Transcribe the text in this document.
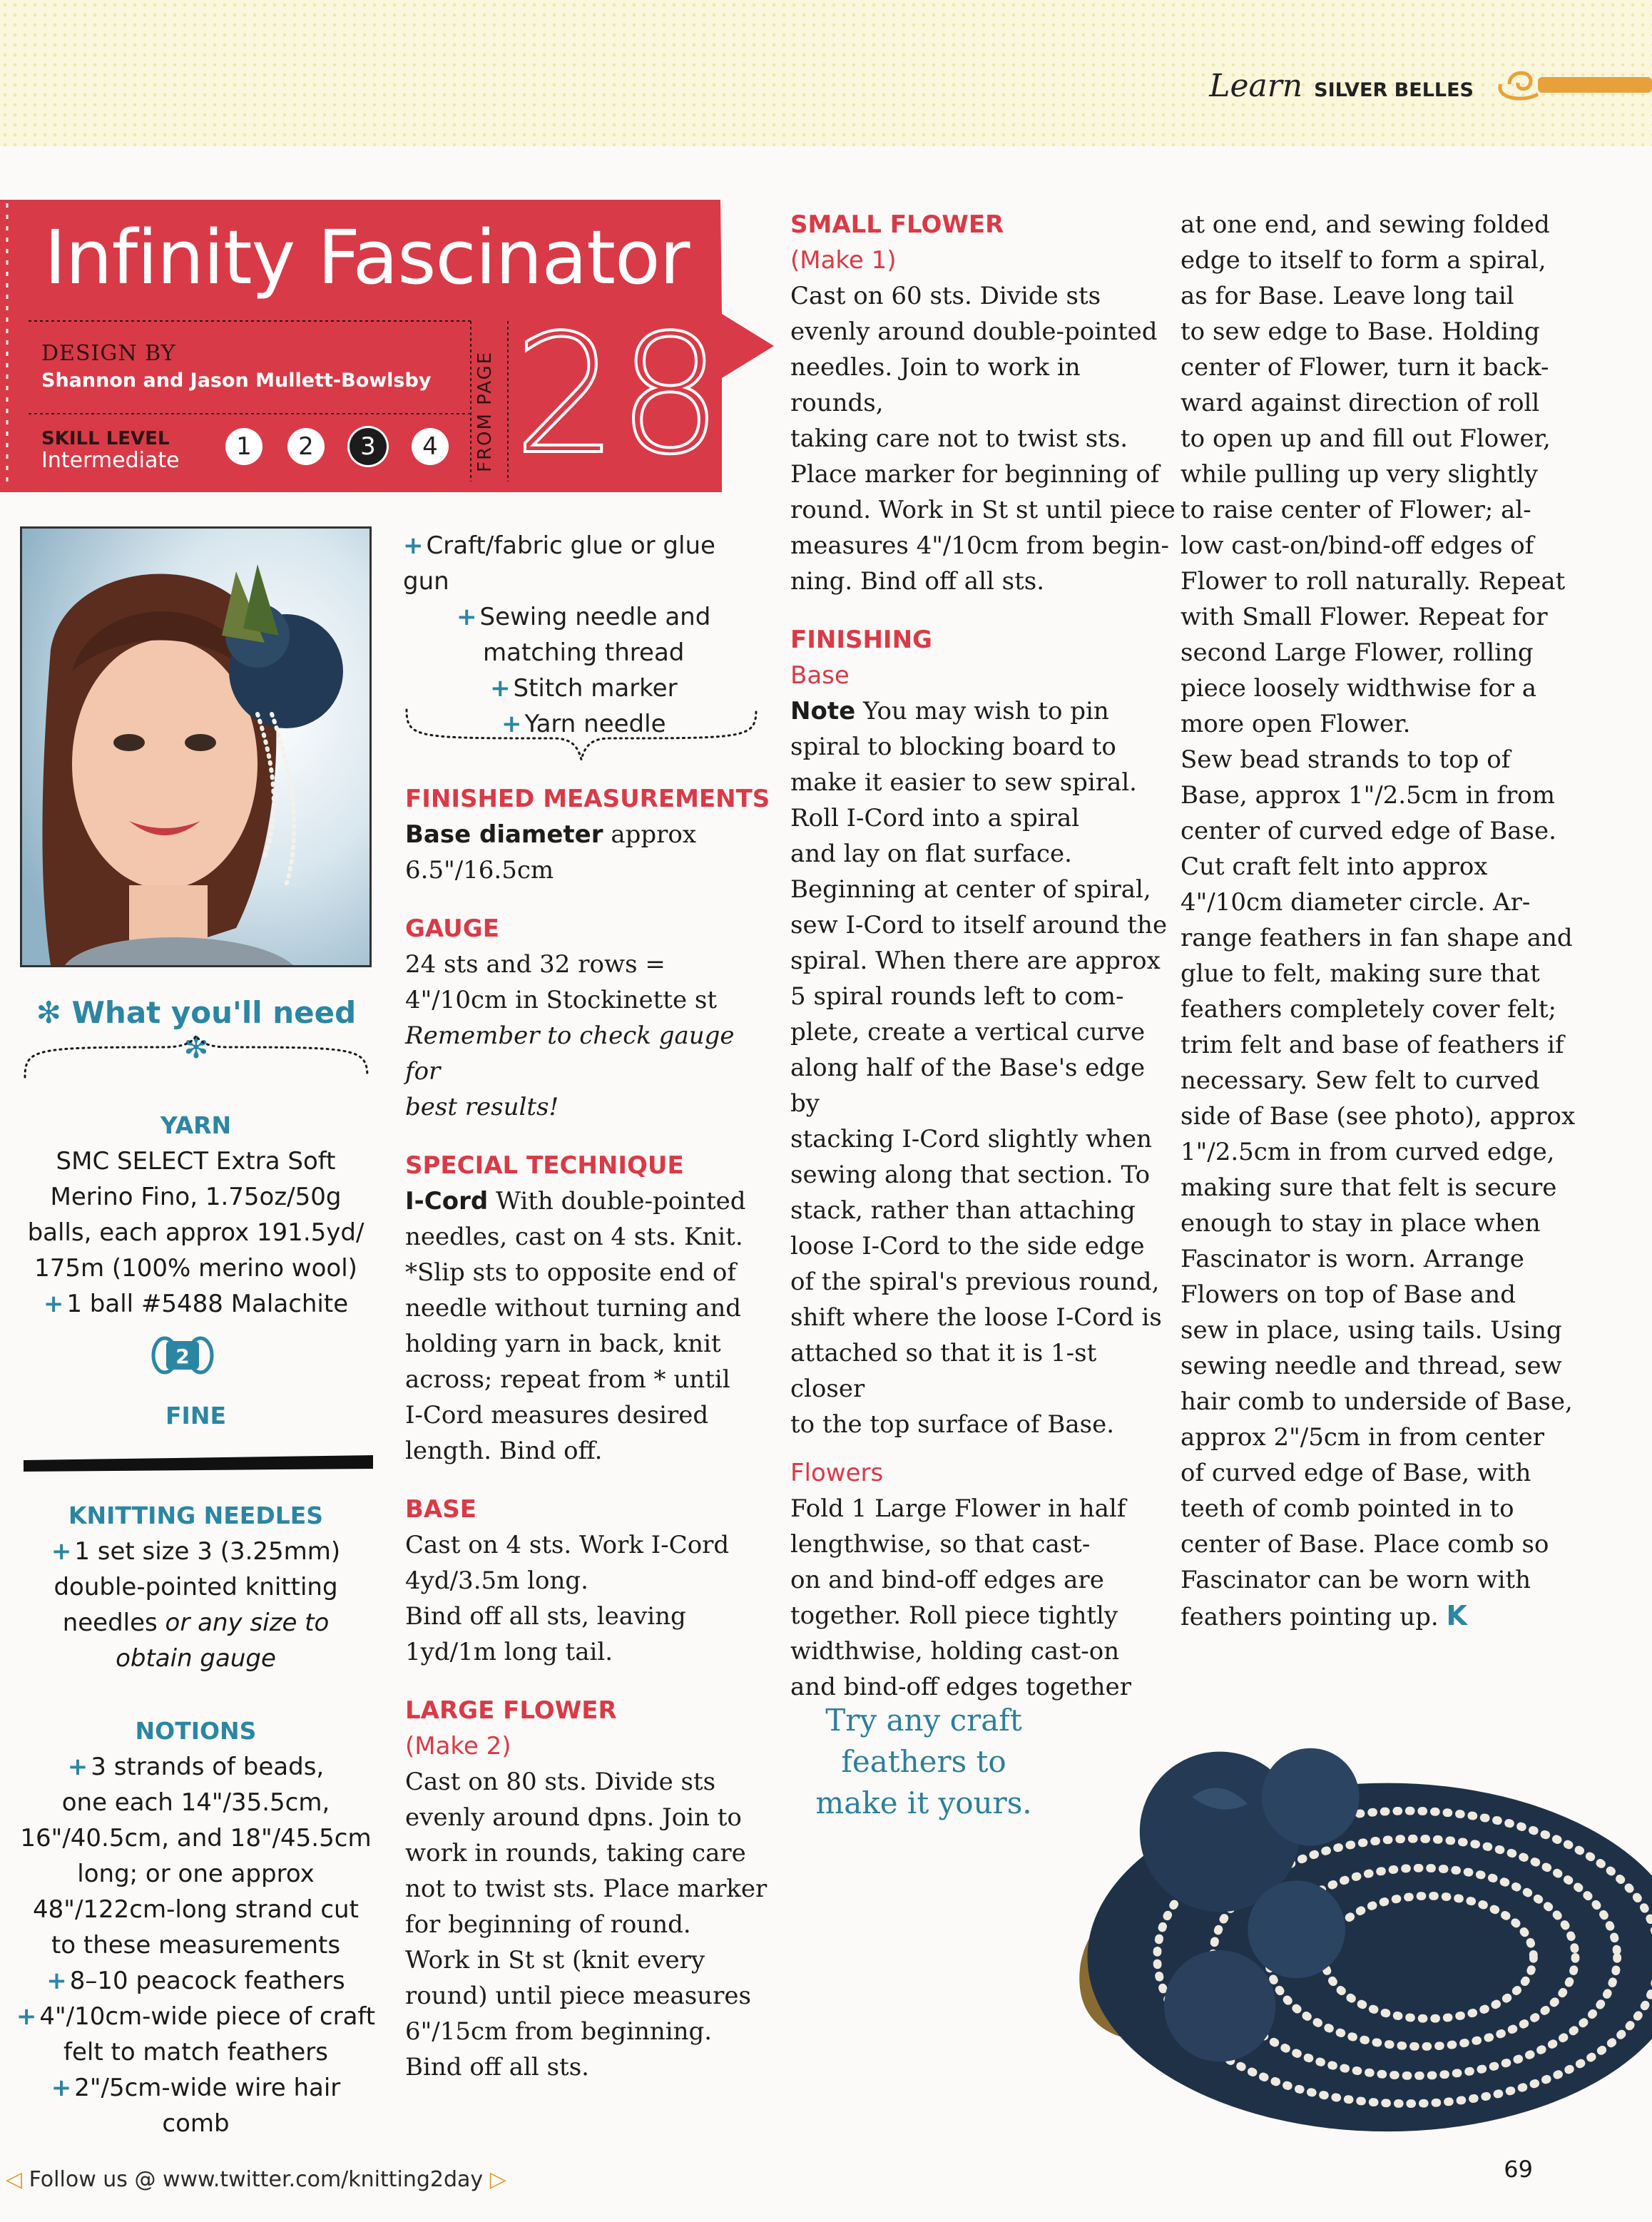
Learn SILVER BELLES
Infinity Fascinator
DESIGN BY
Shannon and Jason Mullett-Bowlsby
SKILL LEVEL
Intermediate	1	2	3	4	FROM PAGE 28
✻ What you'll need ✻
YARN
SMC SELECT Extra Soft
Merino Fino, 1.75oz/50g
balls, each approx 191.5yd/
175m (100% merino wool)
+ 1 ball #5488 Malachite
2
FINE
KNITTING NEEDLES
+ 1 set size 3 (3.25mm)
double-pointed knitting
needles or any size to
obtain gauge
NOTIONS
+ 3 strands of beads,
one each 14"/35.5cm,
16"/40.5cm, and 18"/45.5cm
long; or one approx
48"/122cm-long strand cut
to these measurements
+ 8–10 peacock feathers
+ 4"/10cm-wide piece of craft
felt to match feathers
+ 2"/5cm-wide wire hair comb
+ Craft/fabric glue or glue gun
+ Sewing needle and
matching thread
+ Stitch marker
+ Yarn needle

FINISHED MEASUREMENTS

Base diameter approx

6.5"/16.5cm

GAUGE

24 sts and 32 rows =

4"/10cm in Stockinette st

Remember to check gauge for

best results!

SPECIAL TECHNIQUE

I-Cord With double-pointed

needles, cast on 4 sts. Knit.

*Slip sts to opposite end of

needle without turning and

holding yarn in back, knit

across; repeat from * until

I-Cord measures desired

length. Bind off.

BASE

Cast on 4 sts. Work I-Cord

4yd/3.5m long.

Bind off all sts, leaving

1yd/1m long tail.

LARGE FLOWER

(Make 2)

Cast on 80 sts. Divide sts

evenly around dpns. Join to

work in rounds, taking care

not to twist sts. Place marker

for beginning of round.

Work in St st (knit every

round) until piece measures

6"/15cm from beginning.

Bind off all sts.

SMALL FLOWER

(Make 1)

Cast on 60 sts. Divide sts

evenly around double-pointed

needles. Join to work in rounds,

taking care not to twist sts.

Place marker for beginning of

round. Work in St st until piece

measures 4"/10cm from begin-

ning. Bind off all sts.

FINISHING

Base

Note You may wish to pin

spiral to blocking board to

make it easier to sew spiral.

Roll I-Cord into a spiral

and lay on flat surface.

Beginning at center of spiral,

sew I-Cord to itself around the

spiral. When there are approx

5 spiral rounds left to com-

plete, create a vertical curve

along half of the Base's edge by

stacking I-Cord slightly when

sewing along that section. To

stack, rather than attaching

loose I-Cord to the side edge

of the spiral's previous round,

shift where the loose I-Cord is

attached so that it is 1-st closer

to the top surface of Base.

Flowers

Fold 1 Large Flower in half

lengthwise, so that cast-

on and bind-off edges are

together. Roll piece tightly

widthwise, holding cast-on

and bind-off edges together

at one end, and sewing folded

edge to itself to form a spiral,

as for Base. Leave long tail

to sew edge to Base. Holding

center of Flower, turn it back-

ward against direction of roll

to open up and fill out Flower,

while pulling up very slightly

to raise center of Flower; al-

low cast-on/bind-off edges of

Flower to roll naturally. Repeat

with Small Flower. Repeat for

second Large Flower, rolling

piece loosely widthwise for a

more open Flower.

Sew bead strands to top of

Base, approx 1"/2.5cm in from

center of curved edge of Base.

Cut craft felt into approx

4"/10cm diameter circle. Ar-

range feathers in fan shape and

glue to felt, making sure that

feathers completely cover felt;

trim felt and base of feathers if

necessary. Sew felt to curved

side of Base (see photo), approx

1"/2.5cm in from curved edge,

making sure that felt is secure

enough to stay in place when

Fascinator is worn. Arrange

Flowers on top of Base and

sew in place, using tails. Using

sewing needle and thread, sew

hair comb to underside of Base,

approx 2"/5cm in from center

of curved edge of Base, with

teeth of comb pointed in to

center of Base. Place comb so

Fascinator can be worn with

feathers pointing up. K

Try any craft
feathers to
make it yours.
◁ Follow us @ www.twitter.com/knitting2day ▷	69
